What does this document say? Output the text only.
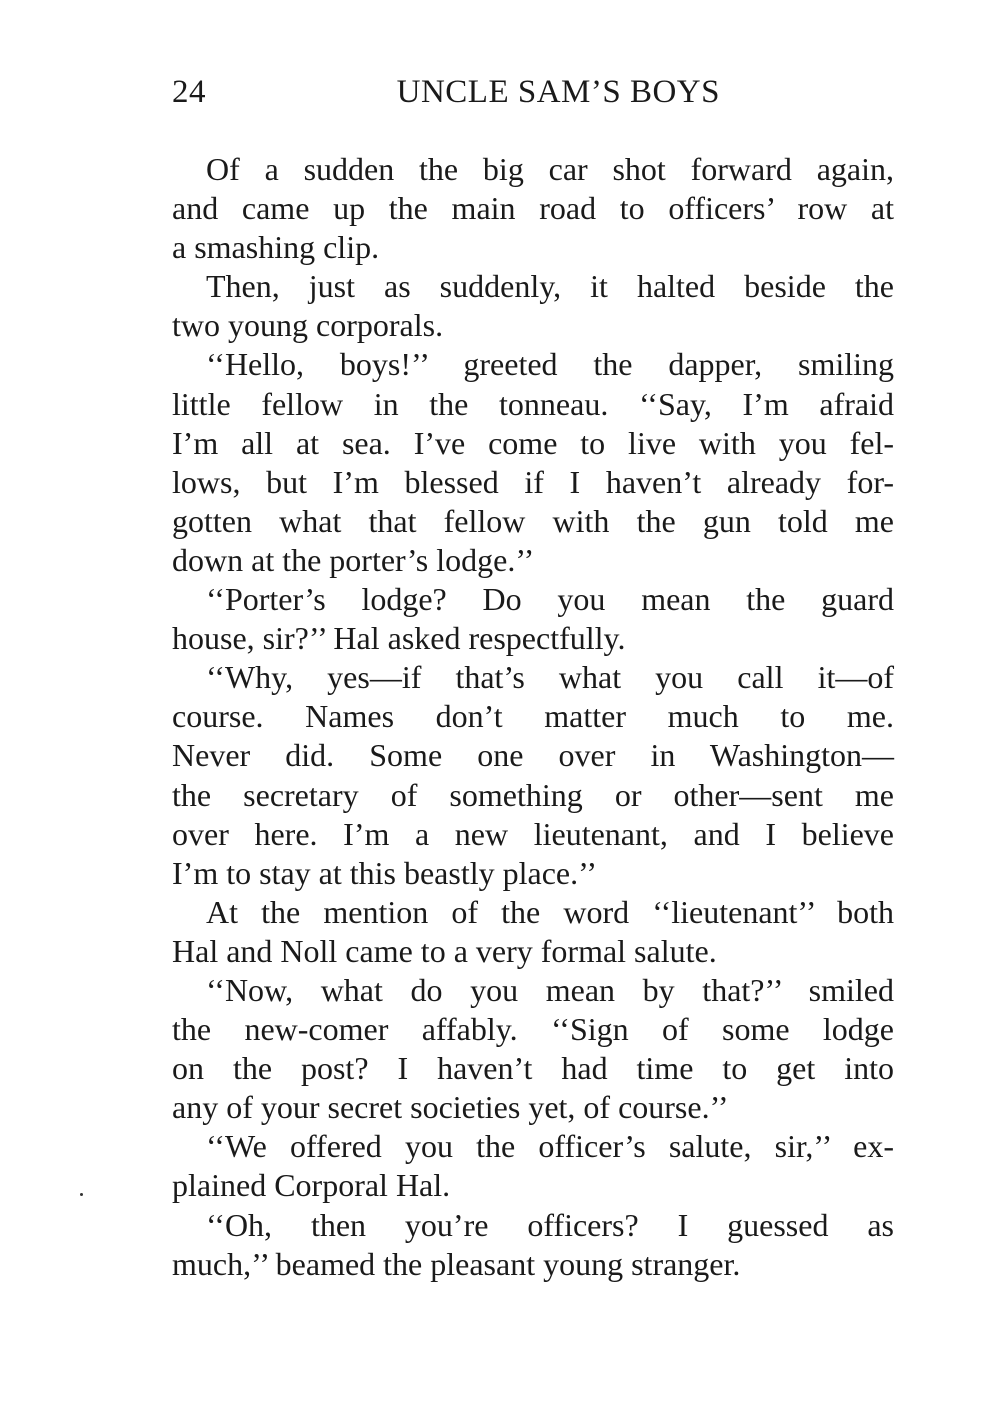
24	UNCLE SAM’S BOYS
Of a sudden the big car shot forward again,
and came up the main road to officers’ row at
a smashing clip.
Then, just as suddenly, it halted beside the
two young corporals.
‘‘Hello, boys!’’ greeted the dapper, smiling
little fellow in the tonneau. ‘‘Say, I’m afraid
I’m all at sea. I’ve come to live with you fel-
lows, but I’m blessed if I haven’t already for-
gotten what that fellow with the gun told me
down at the porter’s lodge.’’
‘‘Porter’s lodge? Do you mean the guard
house, sir?’’ Hal asked respectfully.
‘‘Why, yes—if that’s what you call it—of
course. Names don’t matter much to me.
Never did. Some one over in Washington—
the secretary of something or other—sent me
over here. I’m a new lieutenant, and I believe
I’m to stay at this beastly place.’’
At the mention of the word ‘‘lieutenant’’ both
Hal and Noll came to a very formal salute.
‘‘Now, what do you mean by that?’’ smiled
the new-comer affably. ‘‘Sign of some lodge
on the post? I haven’t had time to get into
any of your secret societies yet, of course.’’
‘‘We offered you the officer’s salute, sir,’’ ex-
plained Corporal Hal.
‘‘Oh, then you’re officers? I guessed as
much,’’ beamed the pleasant young stranger.
